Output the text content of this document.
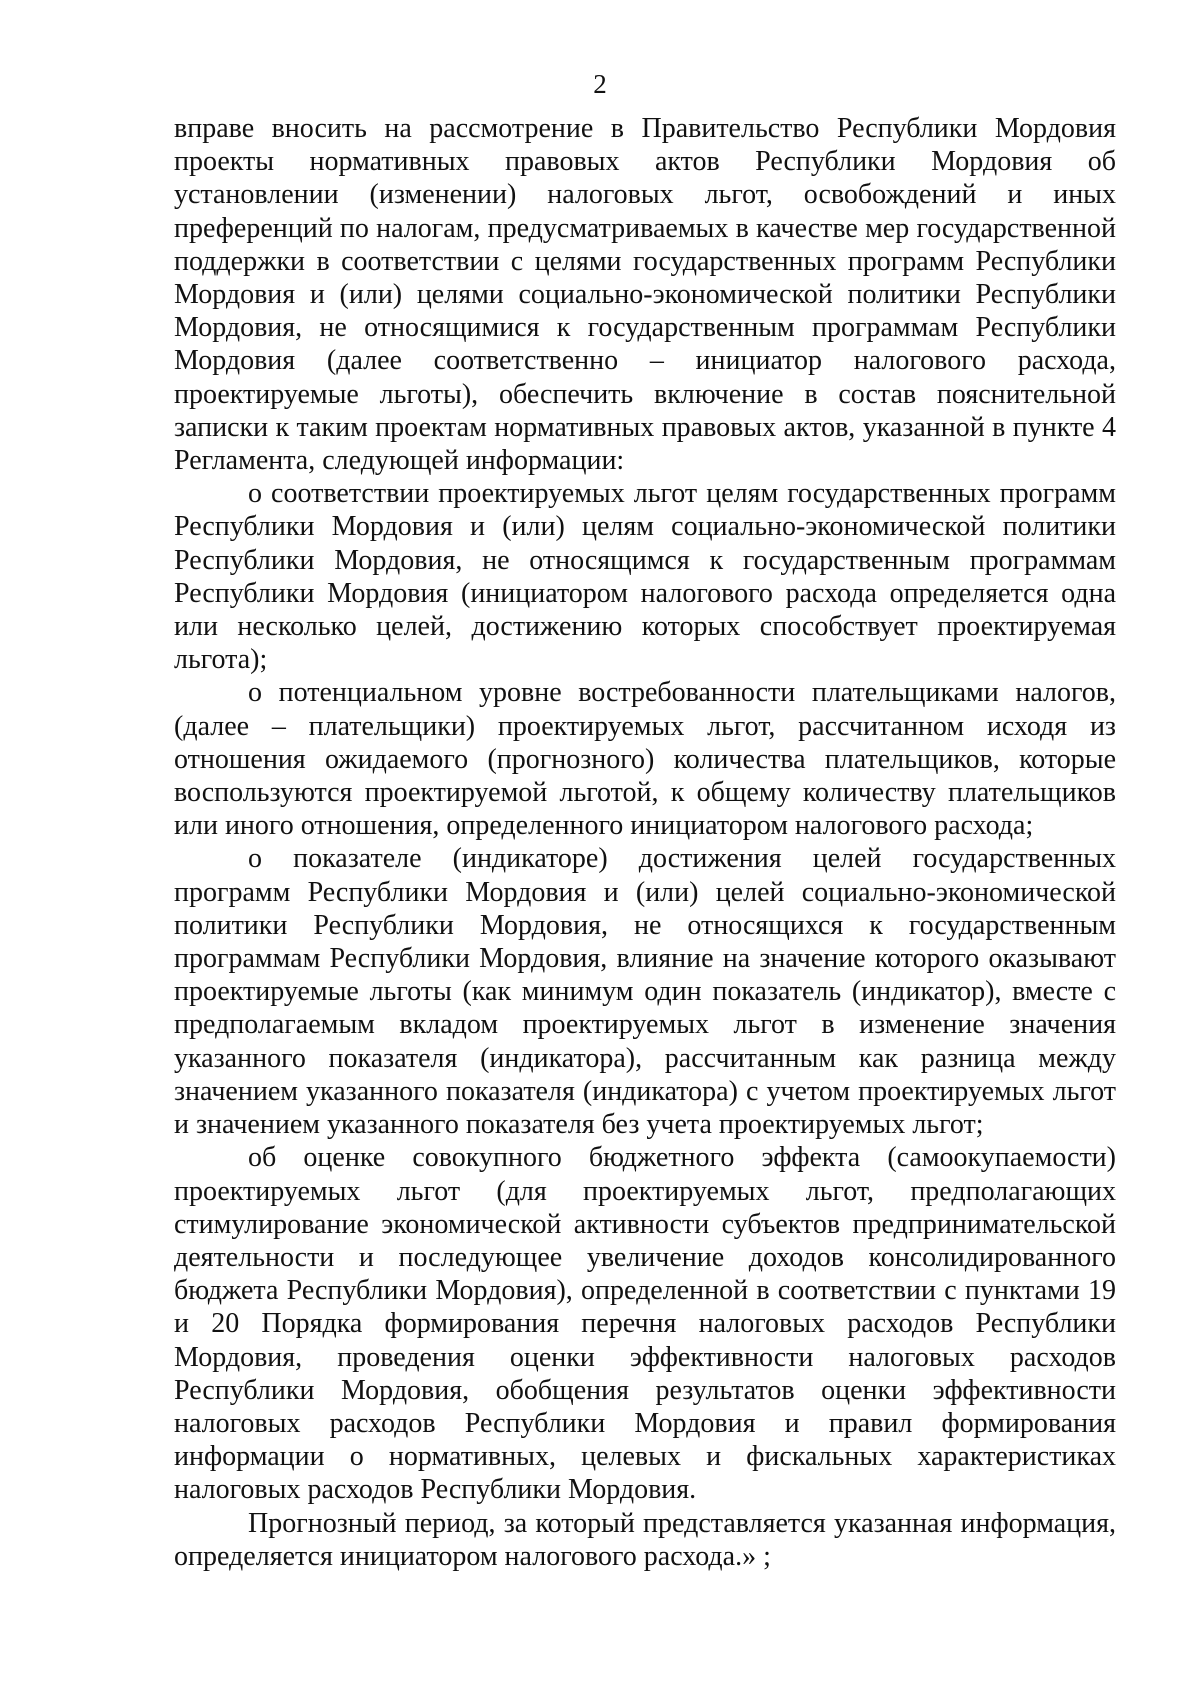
2

вправе вносить на рассмотрение в Правительство Республики Мордовия проекты нормативных правовых актов Республики Мордовия об установлении (изменении) налоговых льгот, освобождений и иных преференций по налогам, предусматриваемых в качестве мер государственной поддержки в соответствии с целями государственных программ Республики Мордовия и (или) целями социально-экономической политики Республики Мордовия, не относящимися к государственным программам Республики Мордовия (далее соответственно – инициатор налогового расхода, проектируемые льготы), обеспечить включение в состав пояснительной записки к таким проектам нормативных правовых актов, указанной в пункте 4 Регламента, следующей информации:

о соответствии проектируемых льгот целям государственных программ Республики Мордовия и (или) целям социально-экономической политики Республики Мордовия, не относящимся к государственным программам Республики Мордовия (инициатором налогового расхода определяется одна или несколько целей, достижению которых способствует проектируемая льгота);

о потенциальном уровне востребованности плательщиками налогов, (далее – плательщики) проектируемых льгот, рассчитанном исходя из отношения ожидаемого (прогнозного) количества плательщиков, которые воспользуются проектируемой льготой, к общему количеству плательщиков или иного отношения, определенного инициатором налогового расхода;

о показателе (индикаторе) достижения целей государственных программ Республики Мордовия и (или) целей социально-экономической политики Республики Мордовия, не относящихся к государственным программам Республики Мордовия, влияние на значение которого оказывают проектируемые льготы (как минимум один показатель (индикатор), вместе с предполагаемым вкладом проектируемых льгот в изменение значения указанного показателя (индикатора), рассчитанным как разница между значением указанного показателя (индикатора) с учетом проектируемых льгот и значением указанного показателя без учета проектируемых льгот;

об оценке совокупного бюджетного эффекта (самоокупаемости) проектируемых льгот (для проектируемых льгот, предполагающих стимулирование экономической активности субъектов предпринимательской деятельности и последующее увеличение доходов консолидированного бюджета Республики Мордовия), определенной в соответствии с пунктами 19 и 20 Порядка формирования перечня налоговых расходов Республики Мордовия, проведения оценки эффективности налоговых расходов Республики Мордовия, обобщения результатов оценки эффективности налоговых расходов Республики Мордовия и правил формирования информации о нормативных, целевых и фискальных характеристиках налоговых расходов Республики Мордовия.

Прогнозный период, за который представляется указанная информация, определяется инициатором налогового расхода.» ;
